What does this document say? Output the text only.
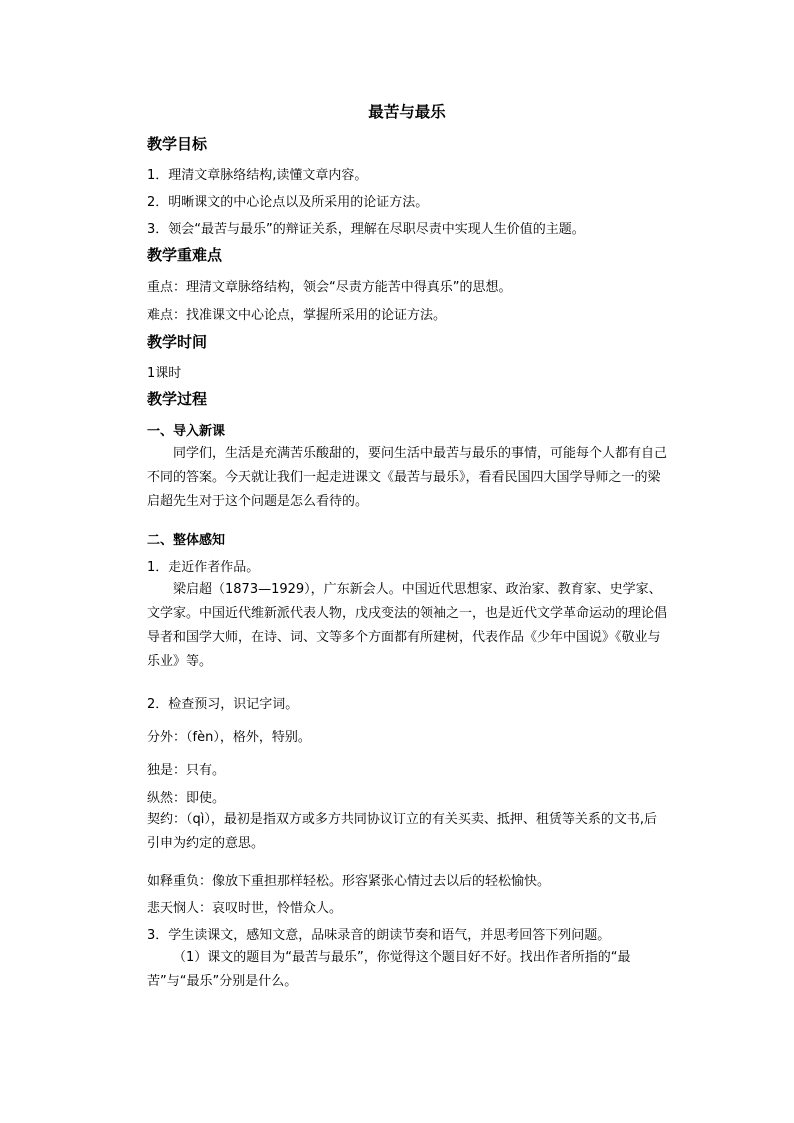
最苦与最乐
教学目标

1．理清文章脉络结构,读懂文章内容。

2．明晰课文的中心论点以及所采用的论证方法。

3．领会“最苦与最乐”的辩证关系，理解在尽职尽责中实现人生价值的主题。

教学重难点

重点：理清文章脉络结构，领会“尽责方能苦中得真乐”的思想。

难点：找准课文中心论点，掌握所采用的论证方法。

教学时间

1课时

教学过程
一、导入新课

同学们，生活是充满苦乐酸甜的，要问生活中最苦与最乐的事情，可能每个人都有自己不同的答案。今天就让我们一起走进课文《最苦与最乐》，看看民国四大国学导师之一的梁启超先生对于这个问题是怎么看待的。

二、整体感知

1．走近作者作品。

梁启超（1873—1929），广东新会人。中国近代思想家、政治家、教育家、史学家、文学家。中国近代维新派代表人物，戊戌变法的领袖之一，也是近代文学革命运动的理论倡导者和国学大师，在诗、词、文等多个方面都有所建树，代表作品《少年中国说》《敬业与乐业》等。

2．检查预习，识记字词。

分外：（fèn），格外，特别。

独是：只有。

纵然：即使。

契约：（qì），最初是指双方或多方共同协议订立的有关买卖、抵押、租赁等关系的文书,后引申为约定的意思。

如释重负：像放下重担那样轻松。形容紧张心情过去以后的轻松愉快。

悲天悯人：哀叹时世，怜惜众人。

3．学生读课文，感知文意，品味录音的朗读节奏和语气，并思考回答下列问题。

（1）课文的题目为“最苦与最乐”，你觉得这个题目好不好。找出作者所指的“最苦”与“最乐”分别是什么。
